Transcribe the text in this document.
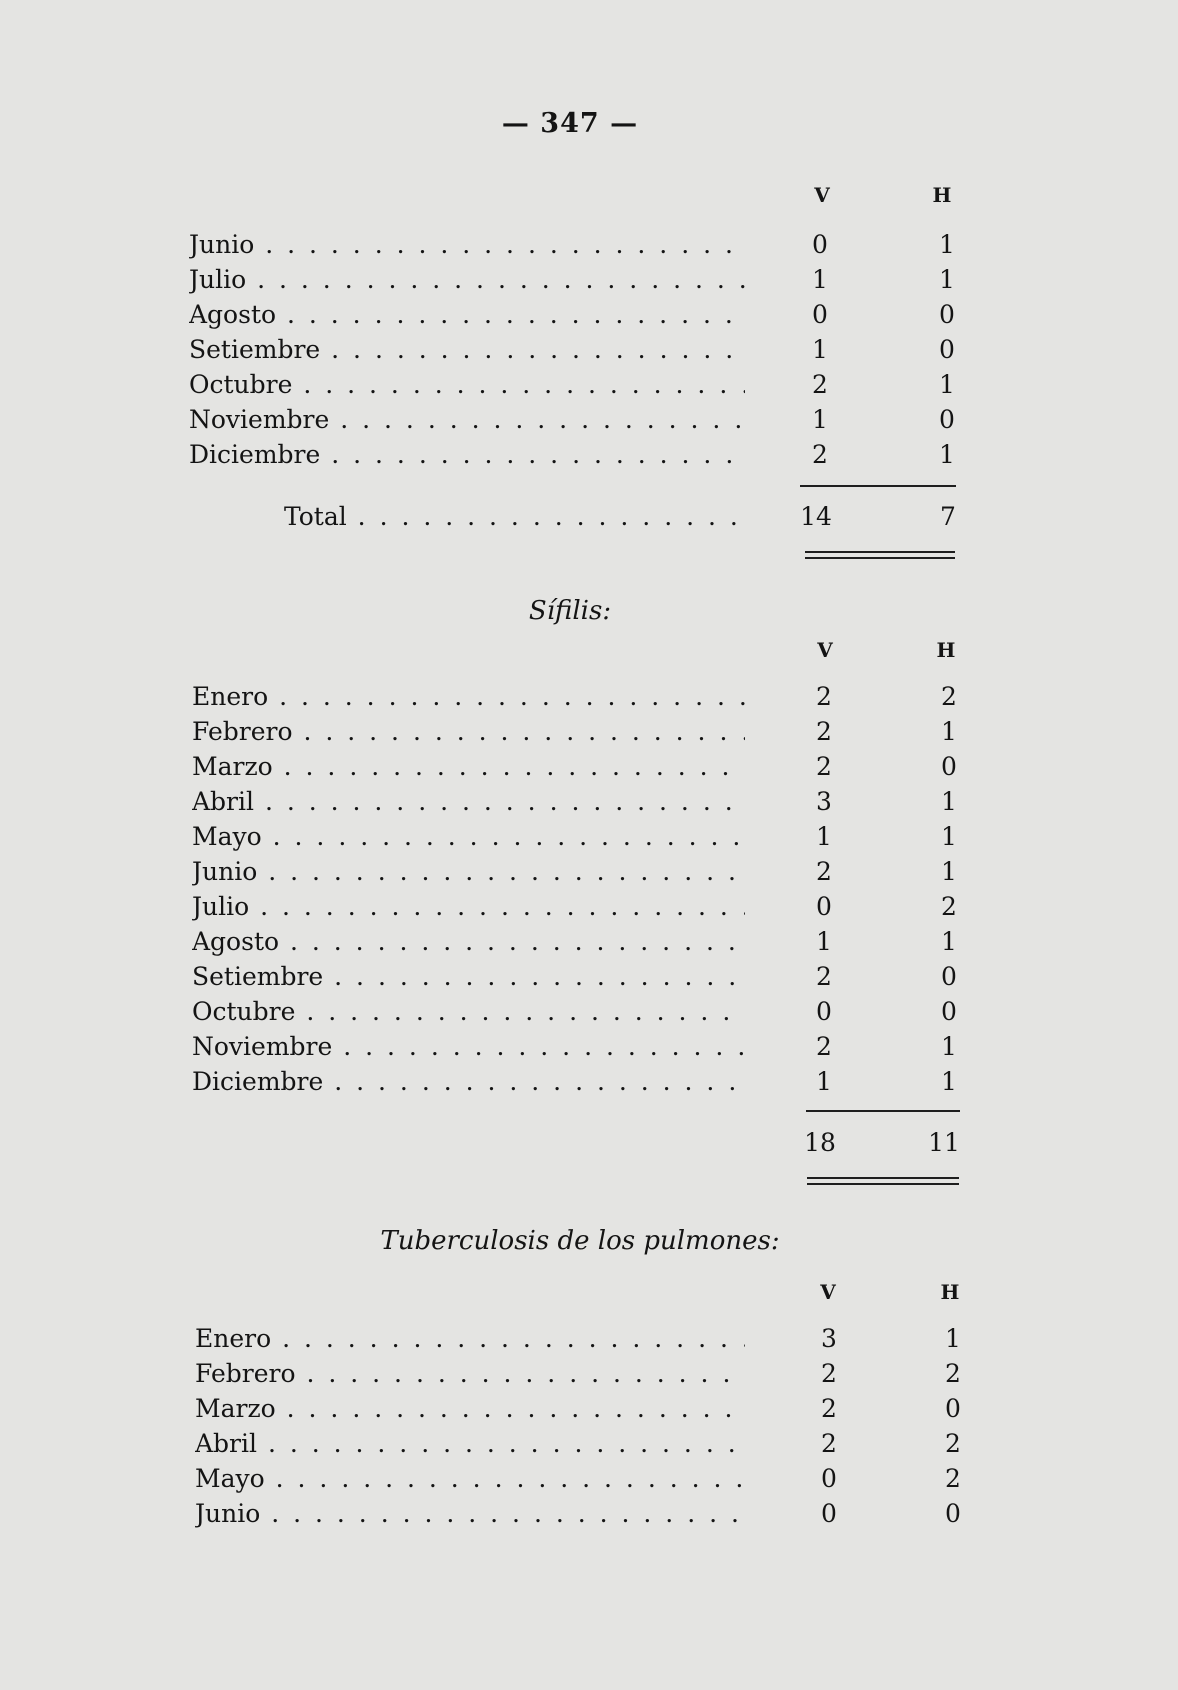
— 347 —
V	H
Junio . . .	0	1
Julio . . .	1	1
Agosto . . .	0	0
Setiembre . . .	1	0
Octubre . . .	2	1
Noviembre . . .	1	0
Diciembre . . .	2	1
Total . . .	14	7
Sífilis:
V	H
Enero . . .	2	2
Febrero . . .	2	1
Marzo . . .	2	0
Abril . . .	3	1
Mayo . . .	1	1
Junio . . .	2	1
Julio . . .	0	2
Agosto . . .	1	1
Setiembre . . .	2	0
Octubre . . .	0	0
Noviembre . . .	2	1
Diciembre . . .	1	1
18	11
Tuberculosis de los pulmones:
V	H
Enero . . .	3	1
Febrero . . .	2	2
Marzo . . .	2	0
Abril . . .	2	2
Mayo . . .	0	2
Junio . . .	0	0
